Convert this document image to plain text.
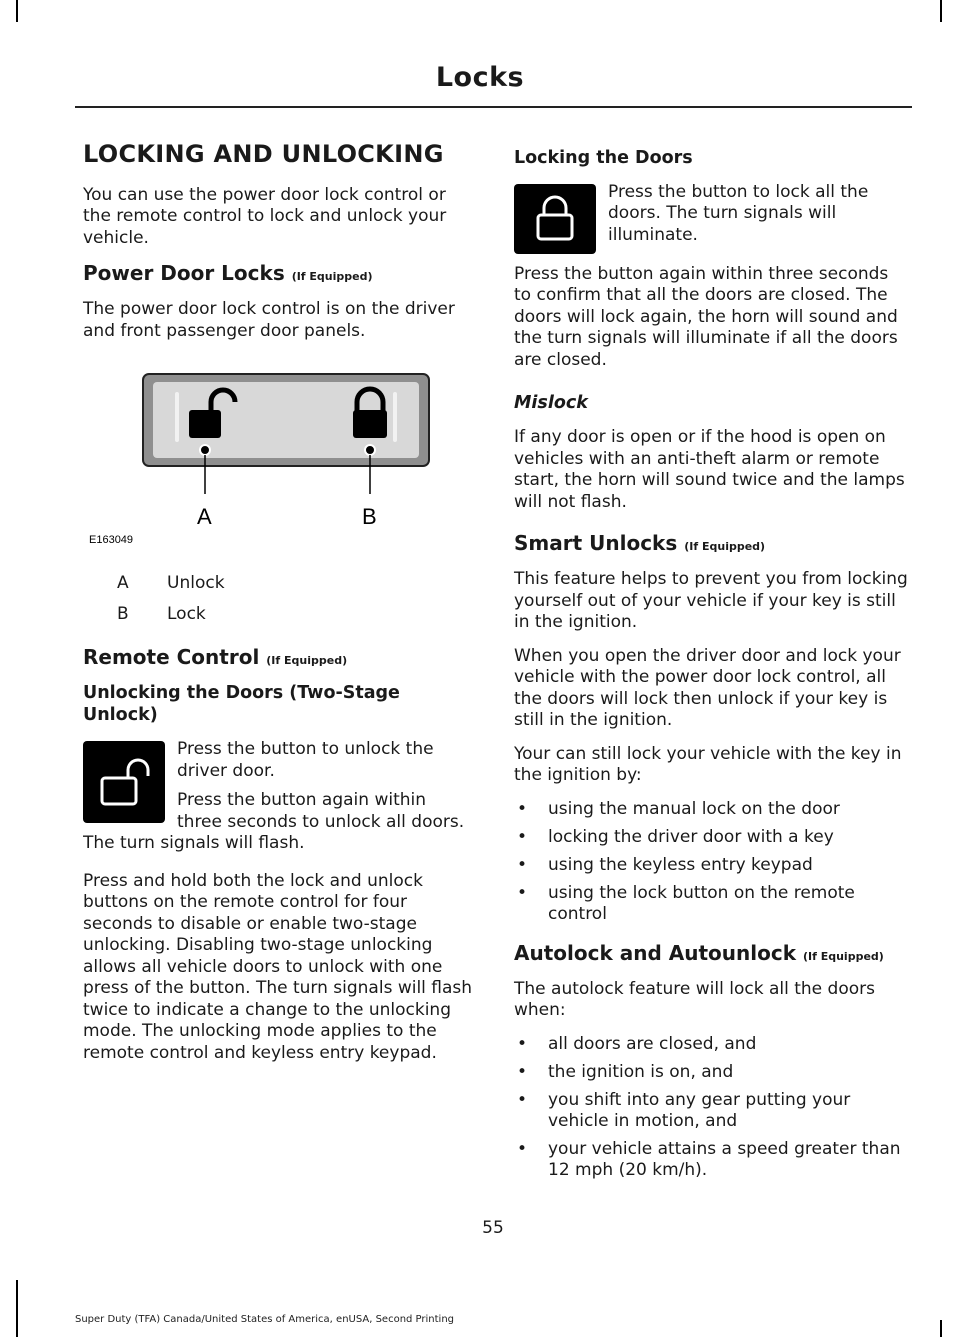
Locks
LOCKING AND UNLOCKING

You can use the power door lock control or the remote control to lock and unlock your vehicle.

Power Door Locks (If Equipped)

The power door lock control is on the driver and front passenger door panels.

A	B
E163049
A	Unlock
B	Lock
Remote Control (If Equipped)
Unlocking the Doors (Two-Stage Unlock)

Press the button to unlock the driver door.

Press the button again within three seconds to unlock all doors. The turn signals will flash.

Press and hold both the lock and unlock buttons on the remote control for four seconds to disable or enable two-stage unlocking. Disabling two-stage unlocking allows all vehicle doors to unlock with one press of the button. The turn signals will flash twice to indicate a change to the unlocking mode. The unlocking mode applies to the remote control and keyless entry keypad.

Locking the Doors

Press the button to lock all the doors. The turn signals will illuminate.

Press the button again within three seconds to confirm that all the doors are closed. The doors will lock again, the horn will sound and the turn signals will illuminate if all the doors are closed.

Mislock

If any door is open or if the hood is open on vehicles with an anti-theft alarm or remote start, the horn will sound twice and the lamps will not flash.

Smart Unlocks (If Equipped)

This feature helps to prevent you from locking yourself out of your vehicle if your key is still in the ignition.

When you open the driver door and lock your vehicle with the power door lock control, all the doors will lock then unlock if your key is still in the ignition.

Your can still lock your vehicle with the key in the ignition by:

• using the manual lock on the door
• locking the driver door with a key
• using the keyless entry keypad
• using the lock button on the remote control
Autolock and Autounlock (If Equipped)

The autolock feature will lock all the doors when:

• all doors are closed, and
• the ignition is on, and
• you shift into any gear putting your vehicle in motion, and
• your vehicle attains a speed greater than 12 mph (20 km/h).
55
Super Duty (TFA) Canada/United States of America, enUSA, Second Printing
